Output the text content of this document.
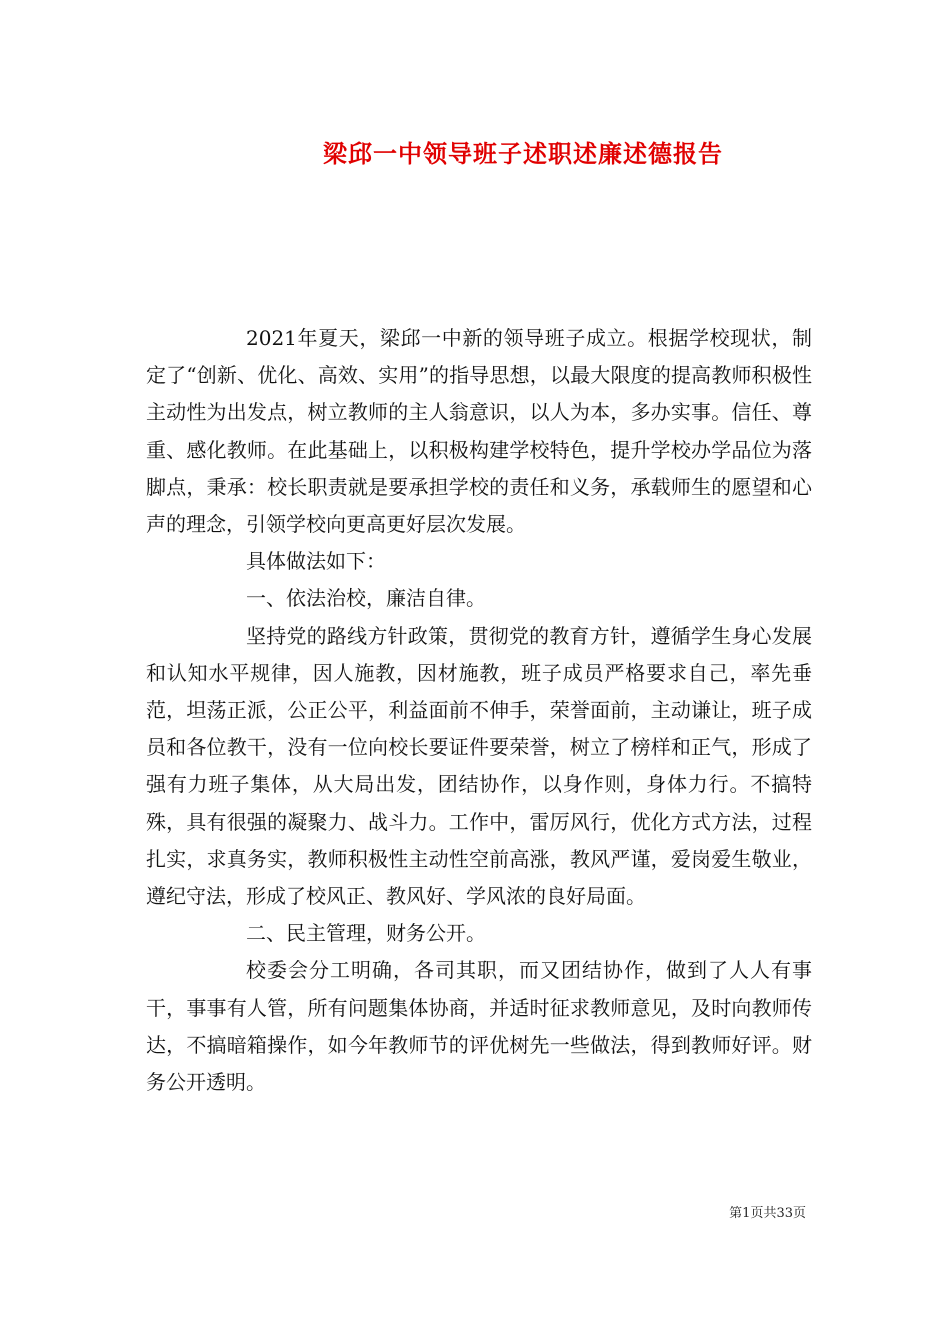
梁邱一中领导班子述职述廉述德报告

2021年夏天，梁邱一中新的领导班子成立。根据学校现状，制定了“创新、优化、高效、实用”的指导思想，以最大限度的提高教师积极性主动性为出发点，树立教师的主人翁意识，以人为本，多办实事。信任、尊重、感化教师。在此基础上，以积极构建学校特色，提升学校办学品位为落脚点，秉承：校长职责就是要承担学校的责任和义务，承载师生的愿望和心声的理念，引领学校向更高更好层次发展。

具体做法如下：

一、依法治校，廉洁自律。

坚持党的路线方针政策，贯彻党的教育方针，遵循学生身心发展和认知水平规律，因人施教，因材施教，班子成员严格要求自己，率先垂范，坦荡正派，公正公平，利益面前不伸手，荣誉面前，主动谦让，班子成员和各位教干，没有一位向校长要证件要荣誉，树立了榜样和正气，形成了强有力班子集体，从大局出发，团结协作，以身作则，身体力行。不搞特殊，具有很强的凝聚力、战斗力。工作中，雷厉风行，优化方式方法，过程扎实，求真务实，教师积极性主动性空前高涨，教风严谨，爱岗爱生敬业，遵纪守法，形成了校风正、教风好、学风浓的良好局面。

二、民主管理，财务公开。

校委会分工明确，各司其职，而又团结协作，做到了人人有事干，事事有人管，所有问题集体协商，并适时征求教师意见，及时向教师传达，不搞暗箱操作，如今年教师节的评优树先一些做法，得到教师好评。财务公开透明。

第1页共33页
